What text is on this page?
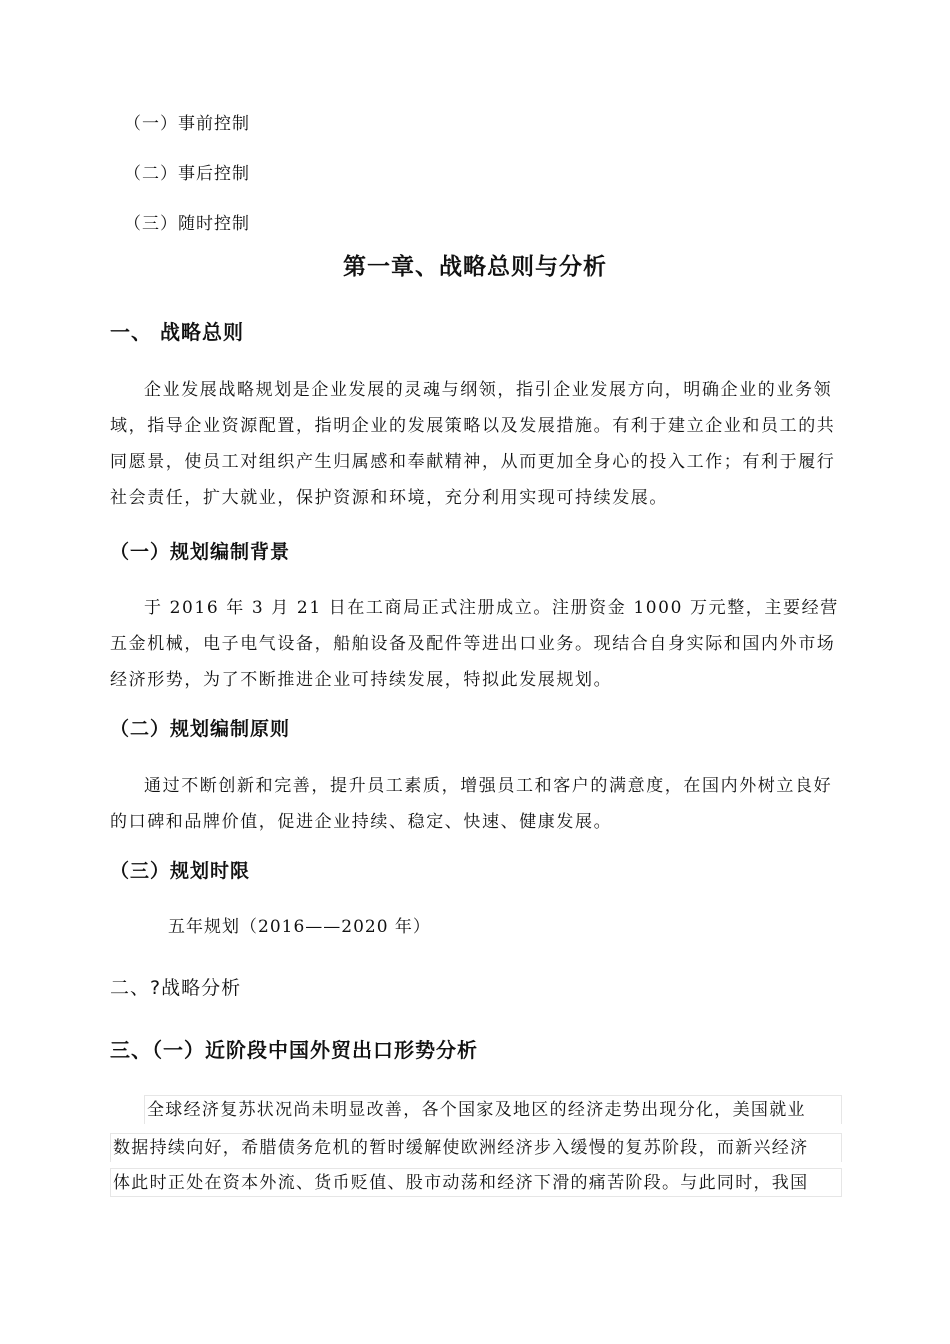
（一）事前控制
（二）事后控制
（三）随时控制
第一章、战略总则与分析
一、 战略总则

企业发展战略规划是企业发展的灵魂与纲领，指引企业发展方向，明确企业的业务领域，指导企业资源配置，指明企业的发展策略以及发展措施。有利于建立企业和员工的共同愿景，使员工对组织产生归属感和奉献精神，从而更加全身心的投入工作；有利于履行社会责任，扩大就业，保护资源和环境，充分利用实现可持续发展。

（一）规划编制背景

于 2016 年 3 月 21 日在工商局正式注册成立。注册资金 1000 万元整，主要经营五金机械，电子电气设备，船舶设备及配件等进出口业务。现结合自身实际和国内外市场经济形势，为了不断推进企业可持续发展，特拟此发展规划。

（二）规划编制原则

通过不断创新和完善，提升员工素质，增强员工和客户的满意度，在国内外树立良好的口碑和品牌价值，促进企业持续、稳定、快速、健康发展。

（三）规划时限
五年规划（2016——2020 年）
二、?战略分析
三、（一）近阶段中国外贸出口形势分析
全球经济复苏状况尚未明显改善，各个国家及地区的经济走势出现分化，美国就业
数据持续向好，希腊债务危机的暂时缓解使欧洲经济步入缓慢的复苏阶段，而新兴经济
体此时正处在资本外流、货币贬值、股市动荡和经济下滑的痛苦阶段。与此同时，我国
